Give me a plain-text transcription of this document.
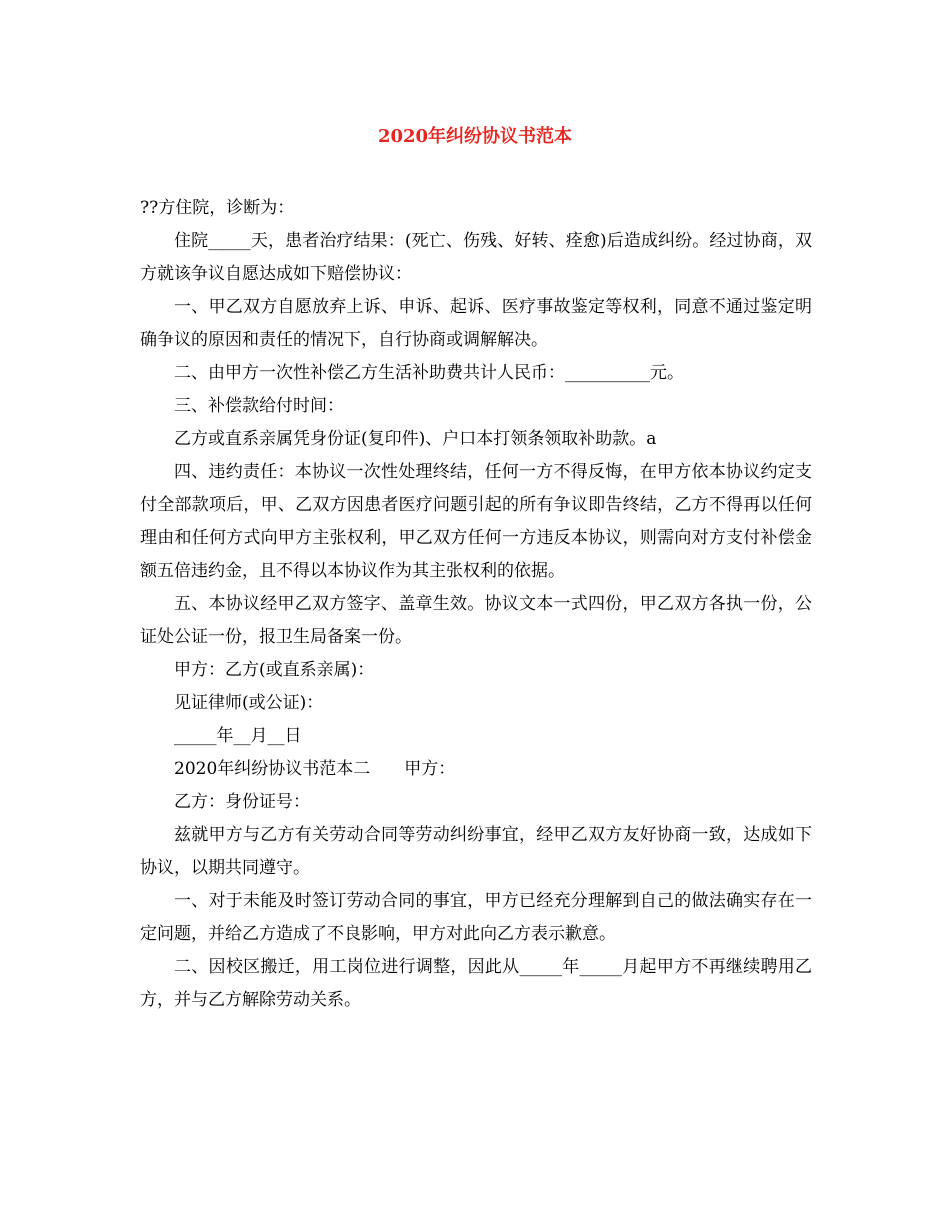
2020年纠纷协议书范本

??方住院，诊断为：

住院_____天，患者治疗结果：(死亡、伤残、好转、痊愈)后造成纠纷。经过协商，双方就该争议自愿达成如下赔偿协议：

一、甲乙双方自愿放弃上诉、申诉、起诉、医疗事故鉴定等权利，同意不通过鉴定明确争议的原因和责任的情况下，自行协商或调解解决。

二、由甲方一次性补偿乙方生活补助费共计人民币：__________元。

三、补偿款给付时间：

乙方或直系亲属凭身份证(复印件)、户口本打领条领取补助款。a

四、违约责任：本协议一次性处理终结，任何一方不得反悔，在甲方依本协议约定支付全部款项后，甲、乙双方因患者医疗问题引起的所有争议即告终结，乙方不得再以任何理由和任何方式向甲方主张权利，甲乙双方任何一方违反本协议，则需向对方支付补偿金额五倍违约金，且不得以本协议作为其主张权利的依据。

五、本协议经甲乙双方签字、盖章生效。协议文本一式四份，甲乙双方各执一份，公证处公证一份，报卫生局备案一份。

甲方：乙方(或直系亲属)：

见证律师(或公证)：

_____年__月__日

2020年纠纷协议书范本二　　甲方：

乙方：身份证号：

兹就甲方与乙方有关劳动合同等劳动纠纷事宜，经甲乙双方友好协商一致，达成如下协议，以期共同遵守。

一、对于未能及时签订劳动合同的事宜，甲方已经充分理解到自己的做法确实存在一定问题，并给乙方造成了不良影响，甲方对此向乙方表示歉意。

二、因校区搬迁，用工岗位进行调整，因此从_____年_____月起甲方不再继续聘用乙方，并与乙方解除劳动关系。
